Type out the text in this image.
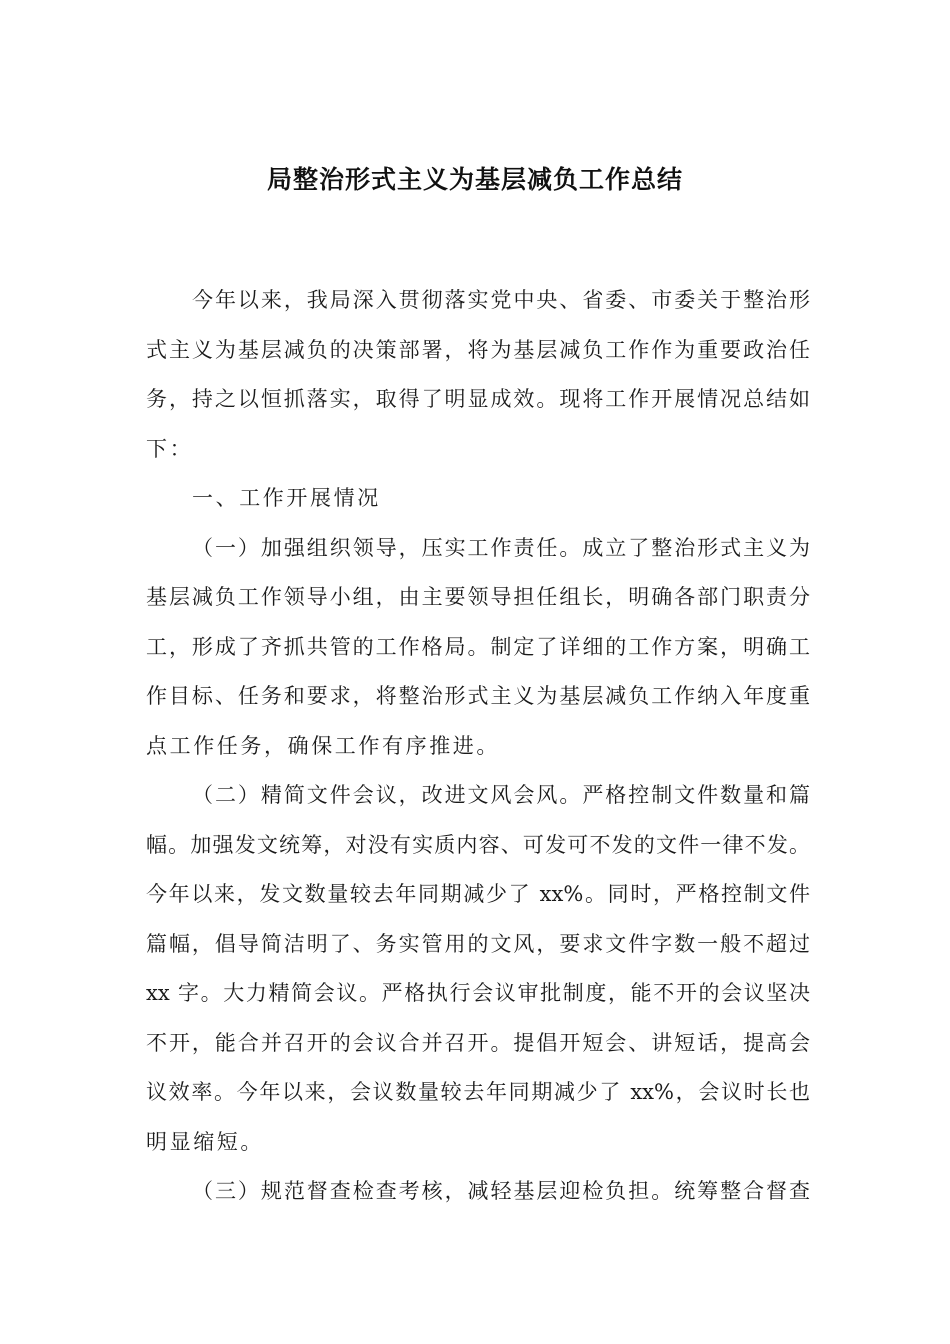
局整治形式主义为基层减负工作总结
今年以来，我局深入贯彻落实党中央、省委、市委关于整治形
式主义为基层减负的决策部署，将为基层减负工作作为重要政治任
务，持之以恒抓落实，取得了明显成效。现将工作开展情况总结如
下：
一、工作开展情况
（一）加强组织领导，压实工作责任。成立了整治形式主义为
基层减负工作领导小组，由主要领导担任组长，明确各部门职责分
工，形成了齐抓共管的工作格局。制定了详细的工作方案，明确工
作目标、任务和要求，将整治形式主义为基层减负工作纳入年度重
点工作任务，确保工作有序推进。
（二）精简文件会议，改进文风会风。严格控制文件数量和篇
幅。加强发文统筹，对没有实质内容、可发可不发的文件一律不发。
今年以来，发文数量较去年同期减少了 xx%。同时，严格控制文件
篇幅，倡导简洁明了、务实管用的文风，要求文件字数一般不超过
xx 字。大力精简会议。严格执行会议审批制度，能不开的会议坚决
不开，能合并召开的会议合并召开。提倡开短会、讲短话，提高会
议效率。今年以来，会议数量较去年同期减少了 xx%，会议时长也
明显缩短。
（三）规范督查检查考核，减轻基层迎检负担。统筹整合督查
